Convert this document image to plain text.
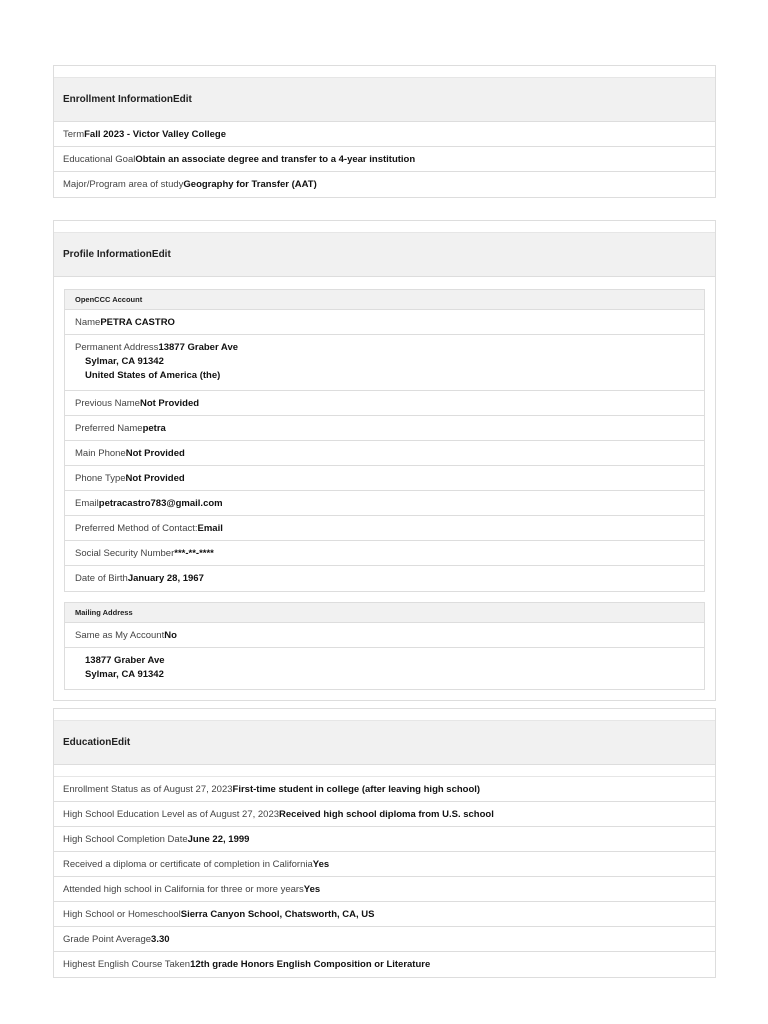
Enrollment Information Edit
Term Fall 2023 - Victor Valley College
Educational Goal Obtain an associate degree and transfer to a 4-year institution
Major/Program area of study Geography for Transfer (AAT)
Profile Information Edit
OpenCCC Account
Name PETRA CASTRO
Permanent Address 13877 Graber Ave
Sylmar, CA 91342
United States of America (the)
Previous Name Not Provided
Preferred Name petra
Main Phone Not Provided
Phone Type Not Provided
Email petracastro783@gmail.com
Preferred Method of Contact: Email
Social Security Number ***-**-****
Date of Birth January 28, 1967
Mailing Address
Same as My Account No
13877 Graber Ave
Sylmar, CA 91342
Education Edit
Enrollment Status as of August 27, 2023 First-time student in college (after leaving high school)
High School Education Level as of August 27, 2023 Received high school diploma from U.S. school
High School Completion Date June 22, 1999
Received a diploma or certificate of completion in California Yes
Attended high school in California for three or more years Yes
High School or Homeschool Sierra Canyon School, Chatsworth, CA, US
Grade Point Average 3.30
Highest English Course Taken 12th grade Honors English Composition or Literature
